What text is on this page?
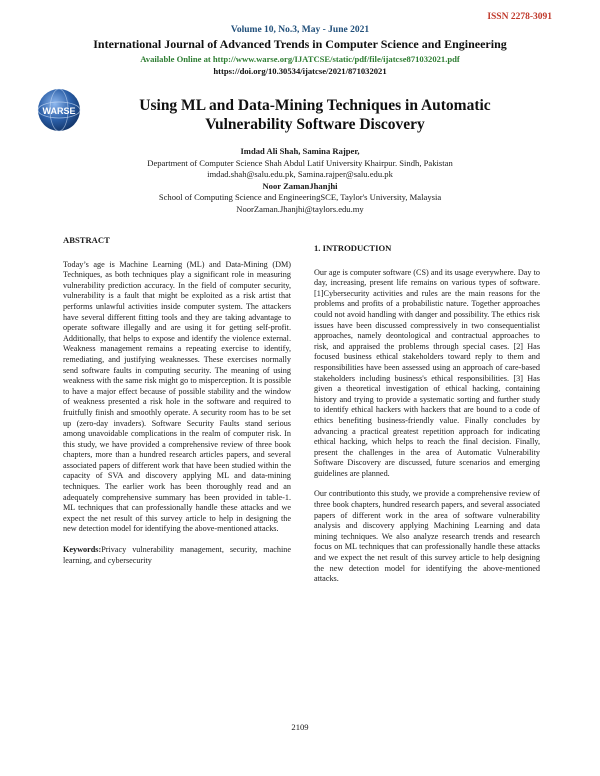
ISSN 2278-3091
Volume 10, No.3, May - June 2021
International Journal of Advanced Trends in Computer Science and Engineering
Available Online at http://www.warse.org/IJATCSE/static/pdf/file/ijatcse871032021.pdf
https://doi.org/10.30534/ijatcse/2021/871032021
WARSE	Using ML and Data-Mining Techniques in Automatic
Vulnerability Software Discovery
Imdad Ali Shah, Samina Rajper,
Department of Computer Science Shah Abdul Latif University Khairpur. Sindh, Pakistan
imdad.shah@salu.edu.pk, Samina.rajper@salu.edu.pk
Noor ZamanJhanjhi
School of Computing Science and EngineeringSCE, Taylor's University, Malaysia
NoorZaman.Jhanjhi@taylors.edu.my
ABSTRACT

Today’s age is Machine Learning (ML) and Data-Mining (DM) Techniques, as both techniques play a significant role in measuring vulnerability prediction accuracy. In the field of computer security, vulnerability is a fault that might be exploited as a risk artist that performs unlawful activities inside computer system. The attackers have several different fitting tools and they are taking advantage to operate software illegally and are using it for getting self-profit. Additionally, that helps to expose and identify the violence external. Weakness management remains a repeating exercise to identify, remediating, and justifying weaknesses. These exercises normally send software faults in computing security. The meaning of using weakness with the same risk might go to misperception. It is possible to have a major effect because of possible stability and the window of weakness presented a risk hole in the software and required to fruitfully finish and smoothly operate. A security room has to be set up (zero-day invaders). Software Security Faults stand serious among unavoidable complications in the realm of computer risk. In this study, we have provided a comprehensive review of three book chapters, more than a hundred research articles papers, and several associated papers of different work that have been studied within the capacity of SVA and discovery applying ML and data-mining techniques. The earlier work has been thoroughly read and an adequately comprehensive summary has been provided in table-1. ML techniques that can professionally handle these attacks and we expect the net result of this survey article to help in designing the new detection model for identifying the above-mentioned attacks.

Keywords:Privacy vulnerability management, security, machine learning, and cybersecurity

1. INTRODUCTION

Our age is computer software (CS) and its usage everywhere. Day to day, increasing, present life remains on various types of software. [1]Cybersecurity activities and rules are the main reasons for the problems and profits of a probabilistic nature. Together approaches could not avoid handling with danger and possibility. The ethics risk issues have been discussed compressively in two consequentialist approaches, namely deontological and contractual approaches to risk, and appraised the problems through special cases. [2] Has focused business ethical stakeholders toward reply to them and responsibilities have been assessed using an approach of care-based stakeholders including business's ethical responsibilities. [3] Has given a theoretical investigation of ethical hacking, containing history and trying to provide a systematic sorting and further study to identify ethical hackers with hackers that are bound to a code of ethics benefiting business-friendly value. Finally concludes by advancing a practical greatest repetition approach for indicating ethical hacking, which helps to reach the final decision. Finally, present the challenges in the area of Automatic Vulnerability Software Discovery are discussed, future scenarios and emerging guidelines are planned.

Our contributionto this study, we provide a comprehensive review of three book chapters, hundred research papers, and several associated papers of different work in the area of software vulnerability analysis and discovery applying Machining Learning and data mining techniques. We also analyze research trends and research focus on ML techniques that can professionally handle these attacks and we expect the net result of this survey article to help designing the new detection model for identifying the above-mentioned attacks.

2109
